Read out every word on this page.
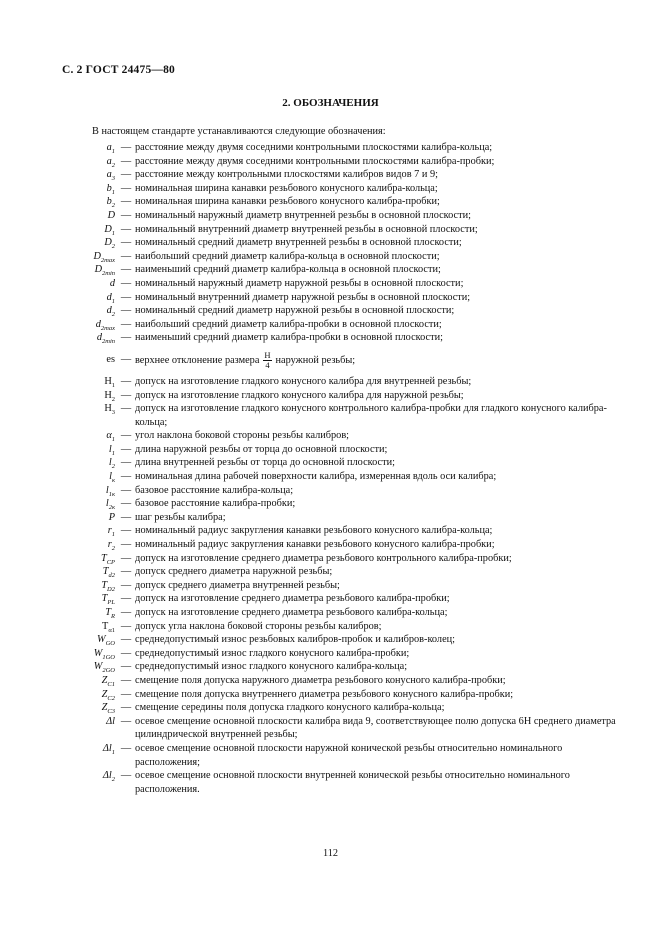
С. 2 ГОСТ 24475—80
2. ОБОЗНАЧЕНИЯ
В настоящем стандарте устанавливаются следующие обозначения:
$a_1$ — расстояние между двумя соседними контрольными плоскостями калибра-кольца;
$a_2$ — расстояние между двумя соседними контрольными плоскостями калибра-пробки;
$a_3$ — расстояние между контрольными плоскостями калибров видов 7 и 9;
$b_1$ — номинальная ширина канавки резьбового конусного калибра-кольца;
$b_2$ — номинальная ширина канавки резьбового конусного калибра-пробки;
D — номинальный наружный диаметр внутренней резьбы в основной плоскости;
$D_1$ — номинальный внутренний диаметр внутренней резьбы в основной плоскости;
$D_2$ — номинальный средний диаметр внутренней резьбы в основной плоскости;
$D_{2max}$ — наибольший средний диаметр калибра-кольца в основной плоскости;
$D_{2min}$ — наименьший средний диаметр калибра-кольца в основной плоскости;
d — номинальный наружный диаметр наружной резьбы в основной плоскости;
$d_1$ — номинальный внутренний диаметр наружной резьбы в основной плоскости;
$d_2$ — номинальный средний диаметр наружной резьбы в основной плоскости;
$d_{2max}$ — наибольший средний диаметр калибра-пробки в основной плоскости;
$d_{2min}$ — наименьший средний диаметр калибра-пробки в основной плоскости;
es — верхнее отклонение размера $\frac{H}{4}$ наружной резьбы;
$H_1$ — допуск на изготовление гладкого конусного калибра для внутренней резьбы;
$H_2$ — допуск на изготовление гладкого конусного калибра для наружной резьбы;
$H_3$ — допуск на изготовление гладкого конусного контрольного калибра-пробки для гладкого конусного калибра-кольца;
$\alpha_1$ — угол наклона боковой стороны резьбы калибров;
$l_1$ — длина наружной резьбы от торца до основной плоскости;
$l_2$ — длина внутренней резьбы от торца до основной плоскости;
$l_к$ — номинальная длина рабочей поверхности калибра, измеренная вдоль оси калибра;
$l_{1к}$ — базовое расстояние калибра-кольца;
$l_{2к}$ — базовое расстояние калибра-пробки;
P — шаг резьбы калибра;
$r_1$ — номинальный радиус закругления канавки резьбового конусного калибра-кольца;
$r_2$ — номинальный радиус закругления канавки резьбового конусного калибра-пробки;
$T_{CP}$ — допуск на изготовление среднего диаметра резьбового контрольного калибра-пробки;
$T_{d2}$ — допуск среднего диаметра наружной резьбы;
$T_{D2}$ — допуск среднего диаметра внутренней резьбы;
$T_{PL}$ — допуск на изготовление среднего диаметра резьбового калибра-пробки;
$T_R$ — допуск на изготовление среднего диаметра резьбового калибра-кольца;
$T_{\alpha 1}$ — допуск угла наклона боковой стороны резьбы калибров;
$W_{GO}$ — среднедопустимый износ резьбовых калибров-пробок и калибров-колец;
$W_{1GO}$ — среднедопустимый износ гладкого конусного калибра-пробки;
$W_{2GO}$ — среднедопустимый износ гладкого конусного калибра-кольца;
$Z_{C1}$ — смещение поля допуска наружного диаметра резьбового конусного калибра-пробки;
$Z_{C2}$ — смещение поля допуска внутреннего диаметра резьбового конусного калибра-пробки;
$Z_{C3}$ — смещение середины поля допуска гладкого конусного калибра-кольца;
Δl — осевое смещение основной плоскости калибра вида 9, соответствующее полю допуска 6Н среднего диаметра цилиндрической внутренней резьбы;
$\Delta l_1$ — осевое смещение основной плоскости наружной конической резьбы относительно номинального расположения;
$\Delta l_2$ — осевое смещение основной плоскости внутренней конической резьбы относительно номинального расположения.
112
